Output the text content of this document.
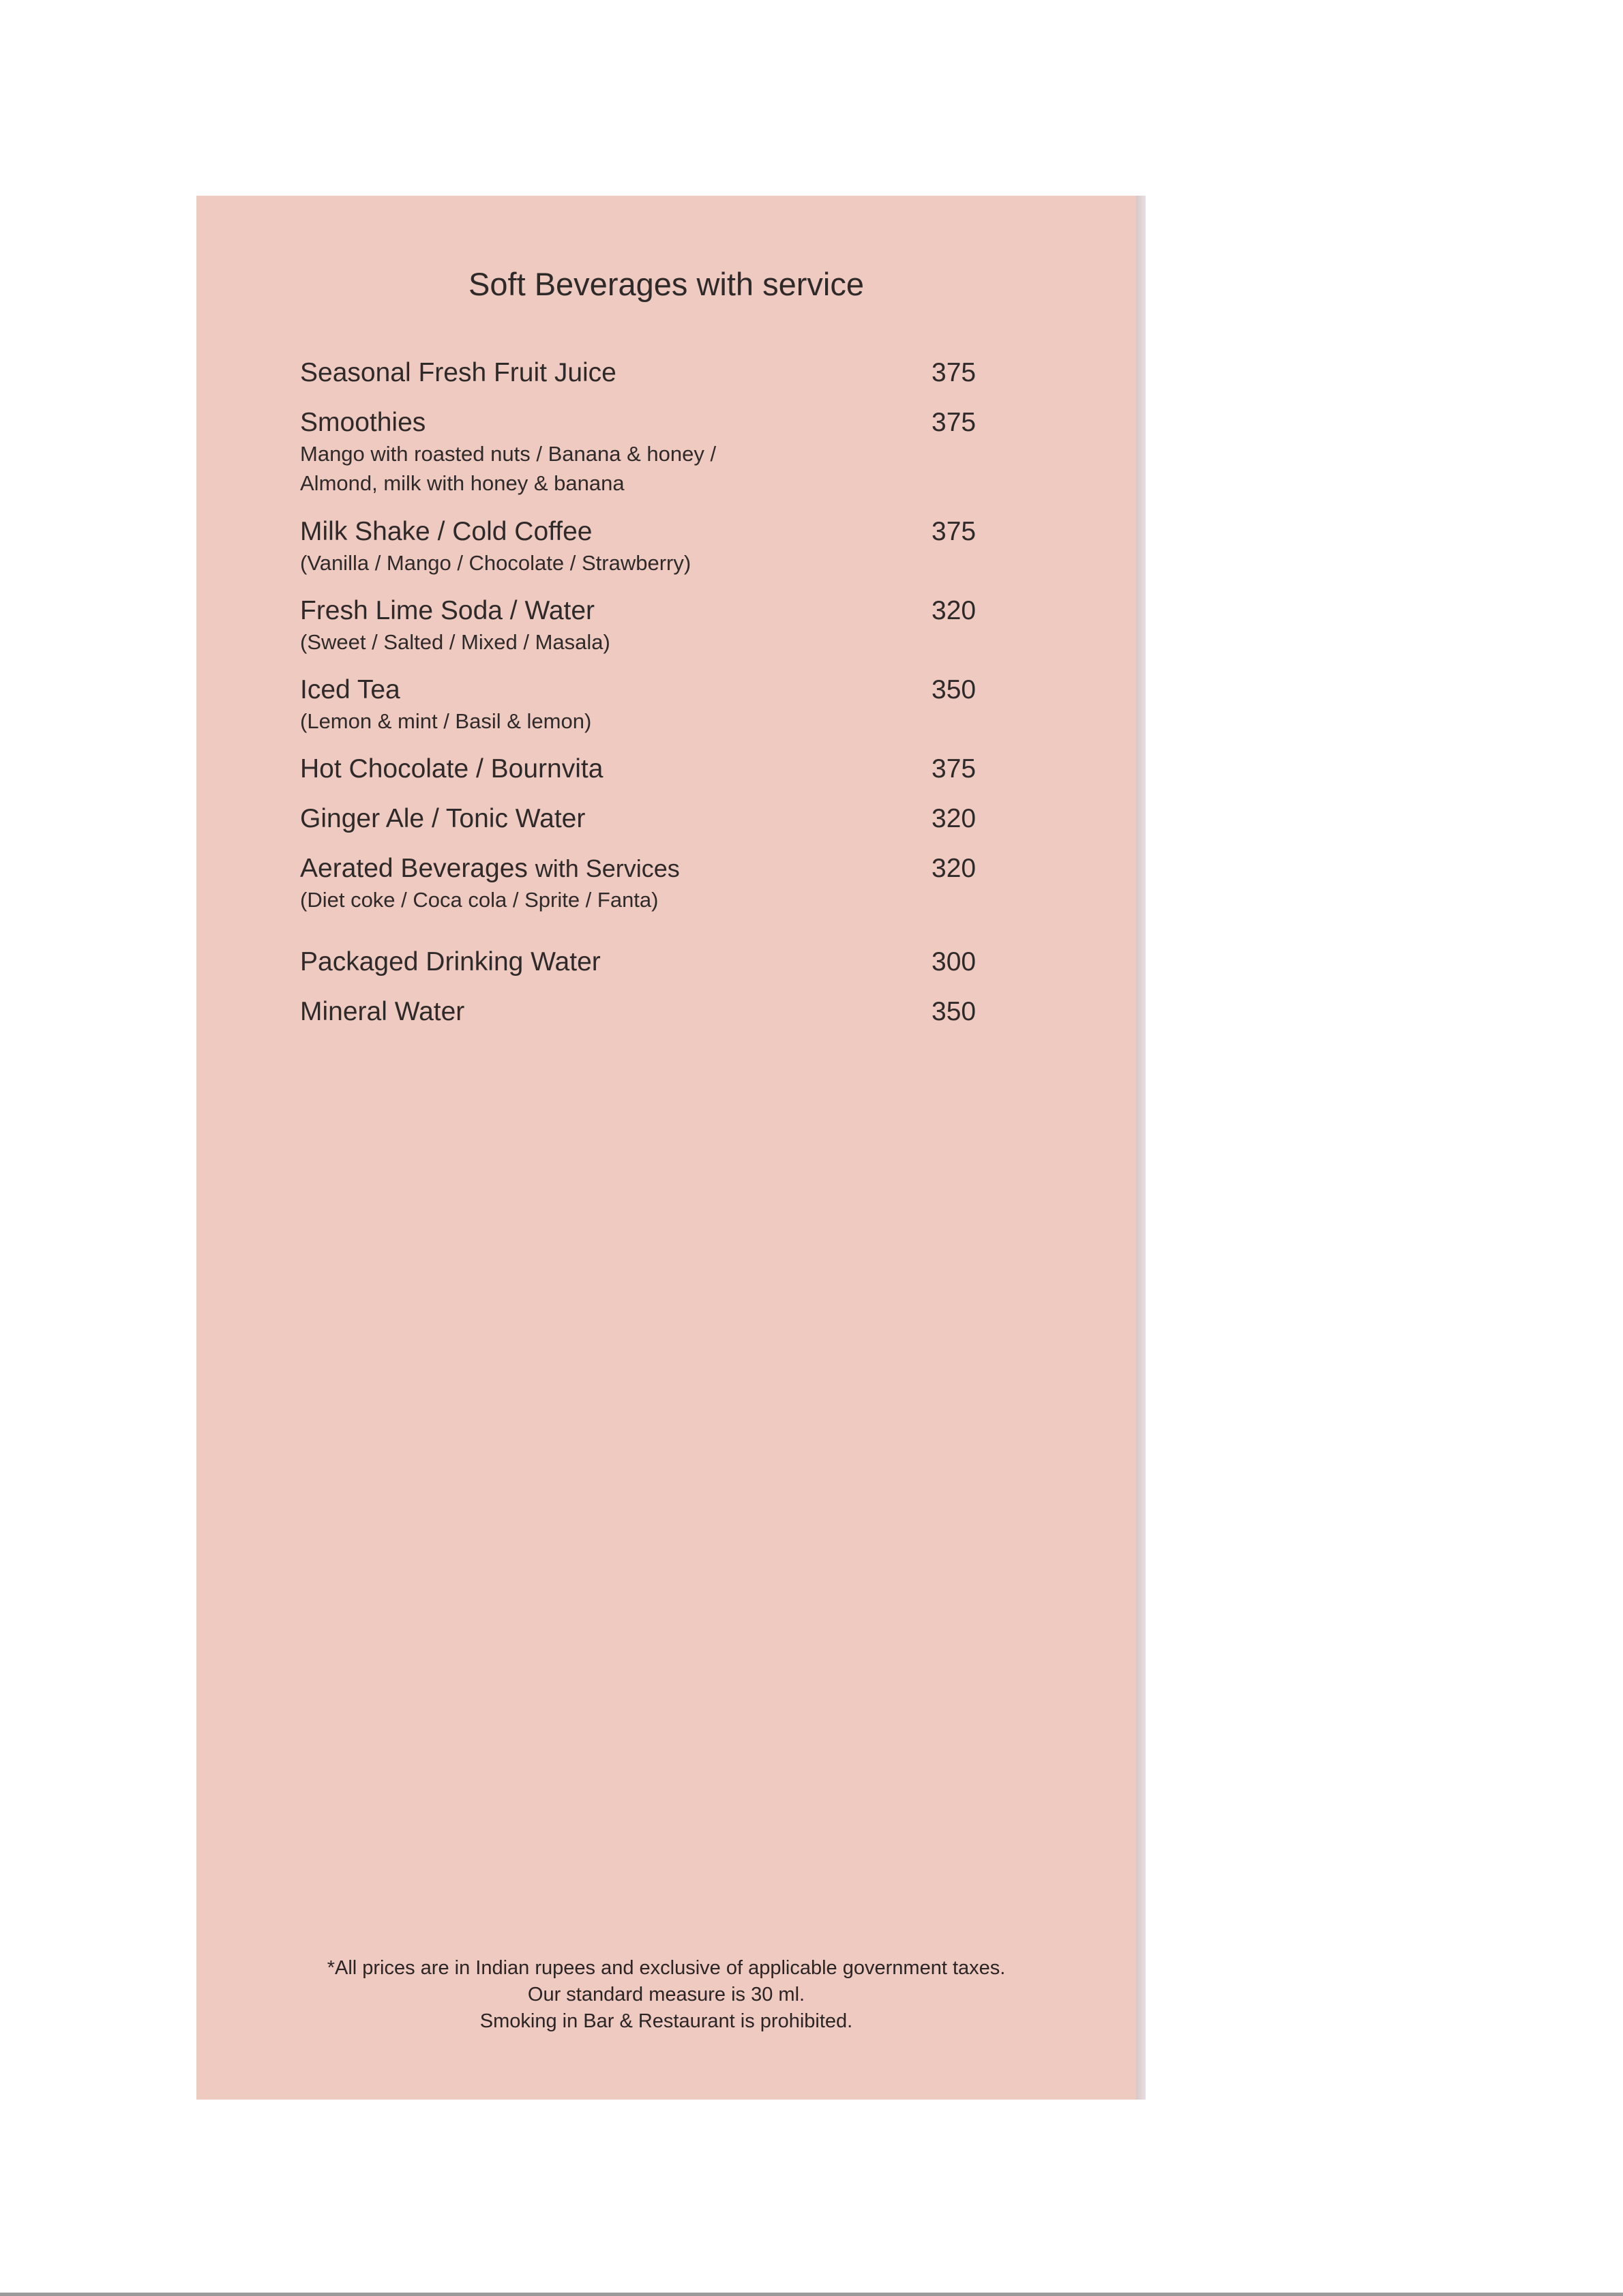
Soft Beverages with service
Seasonal Fresh Fruit Juice	375
Smoothies	375
Mango with roasted nuts / Banana & honey /
Almond, milk with honey & banana
Milk Shake / Cold Coffee	375
(Vanilla / Mango / Chocolate / Strawberry)
Fresh Lime Soda / Water	320
(Sweet / Salted / Mixed / Masala)
Iced Tea	350
(Lemon & mint / Basil & lemon)
Hot Chocolate / Bournvita	375
Ginger Ale / Tonic Water	320
Aerated Beverages with Services	320
(Diet coke / Coca cola / Sprite / Fanta)
Packaged Drinking Water	300
Mineral Water	350
*All prices are in Indian rupees and exclusive of applicable government taxes.
Our standard measure is 30 ml.
Smoking in Bar & Restaurant is prohibited.
